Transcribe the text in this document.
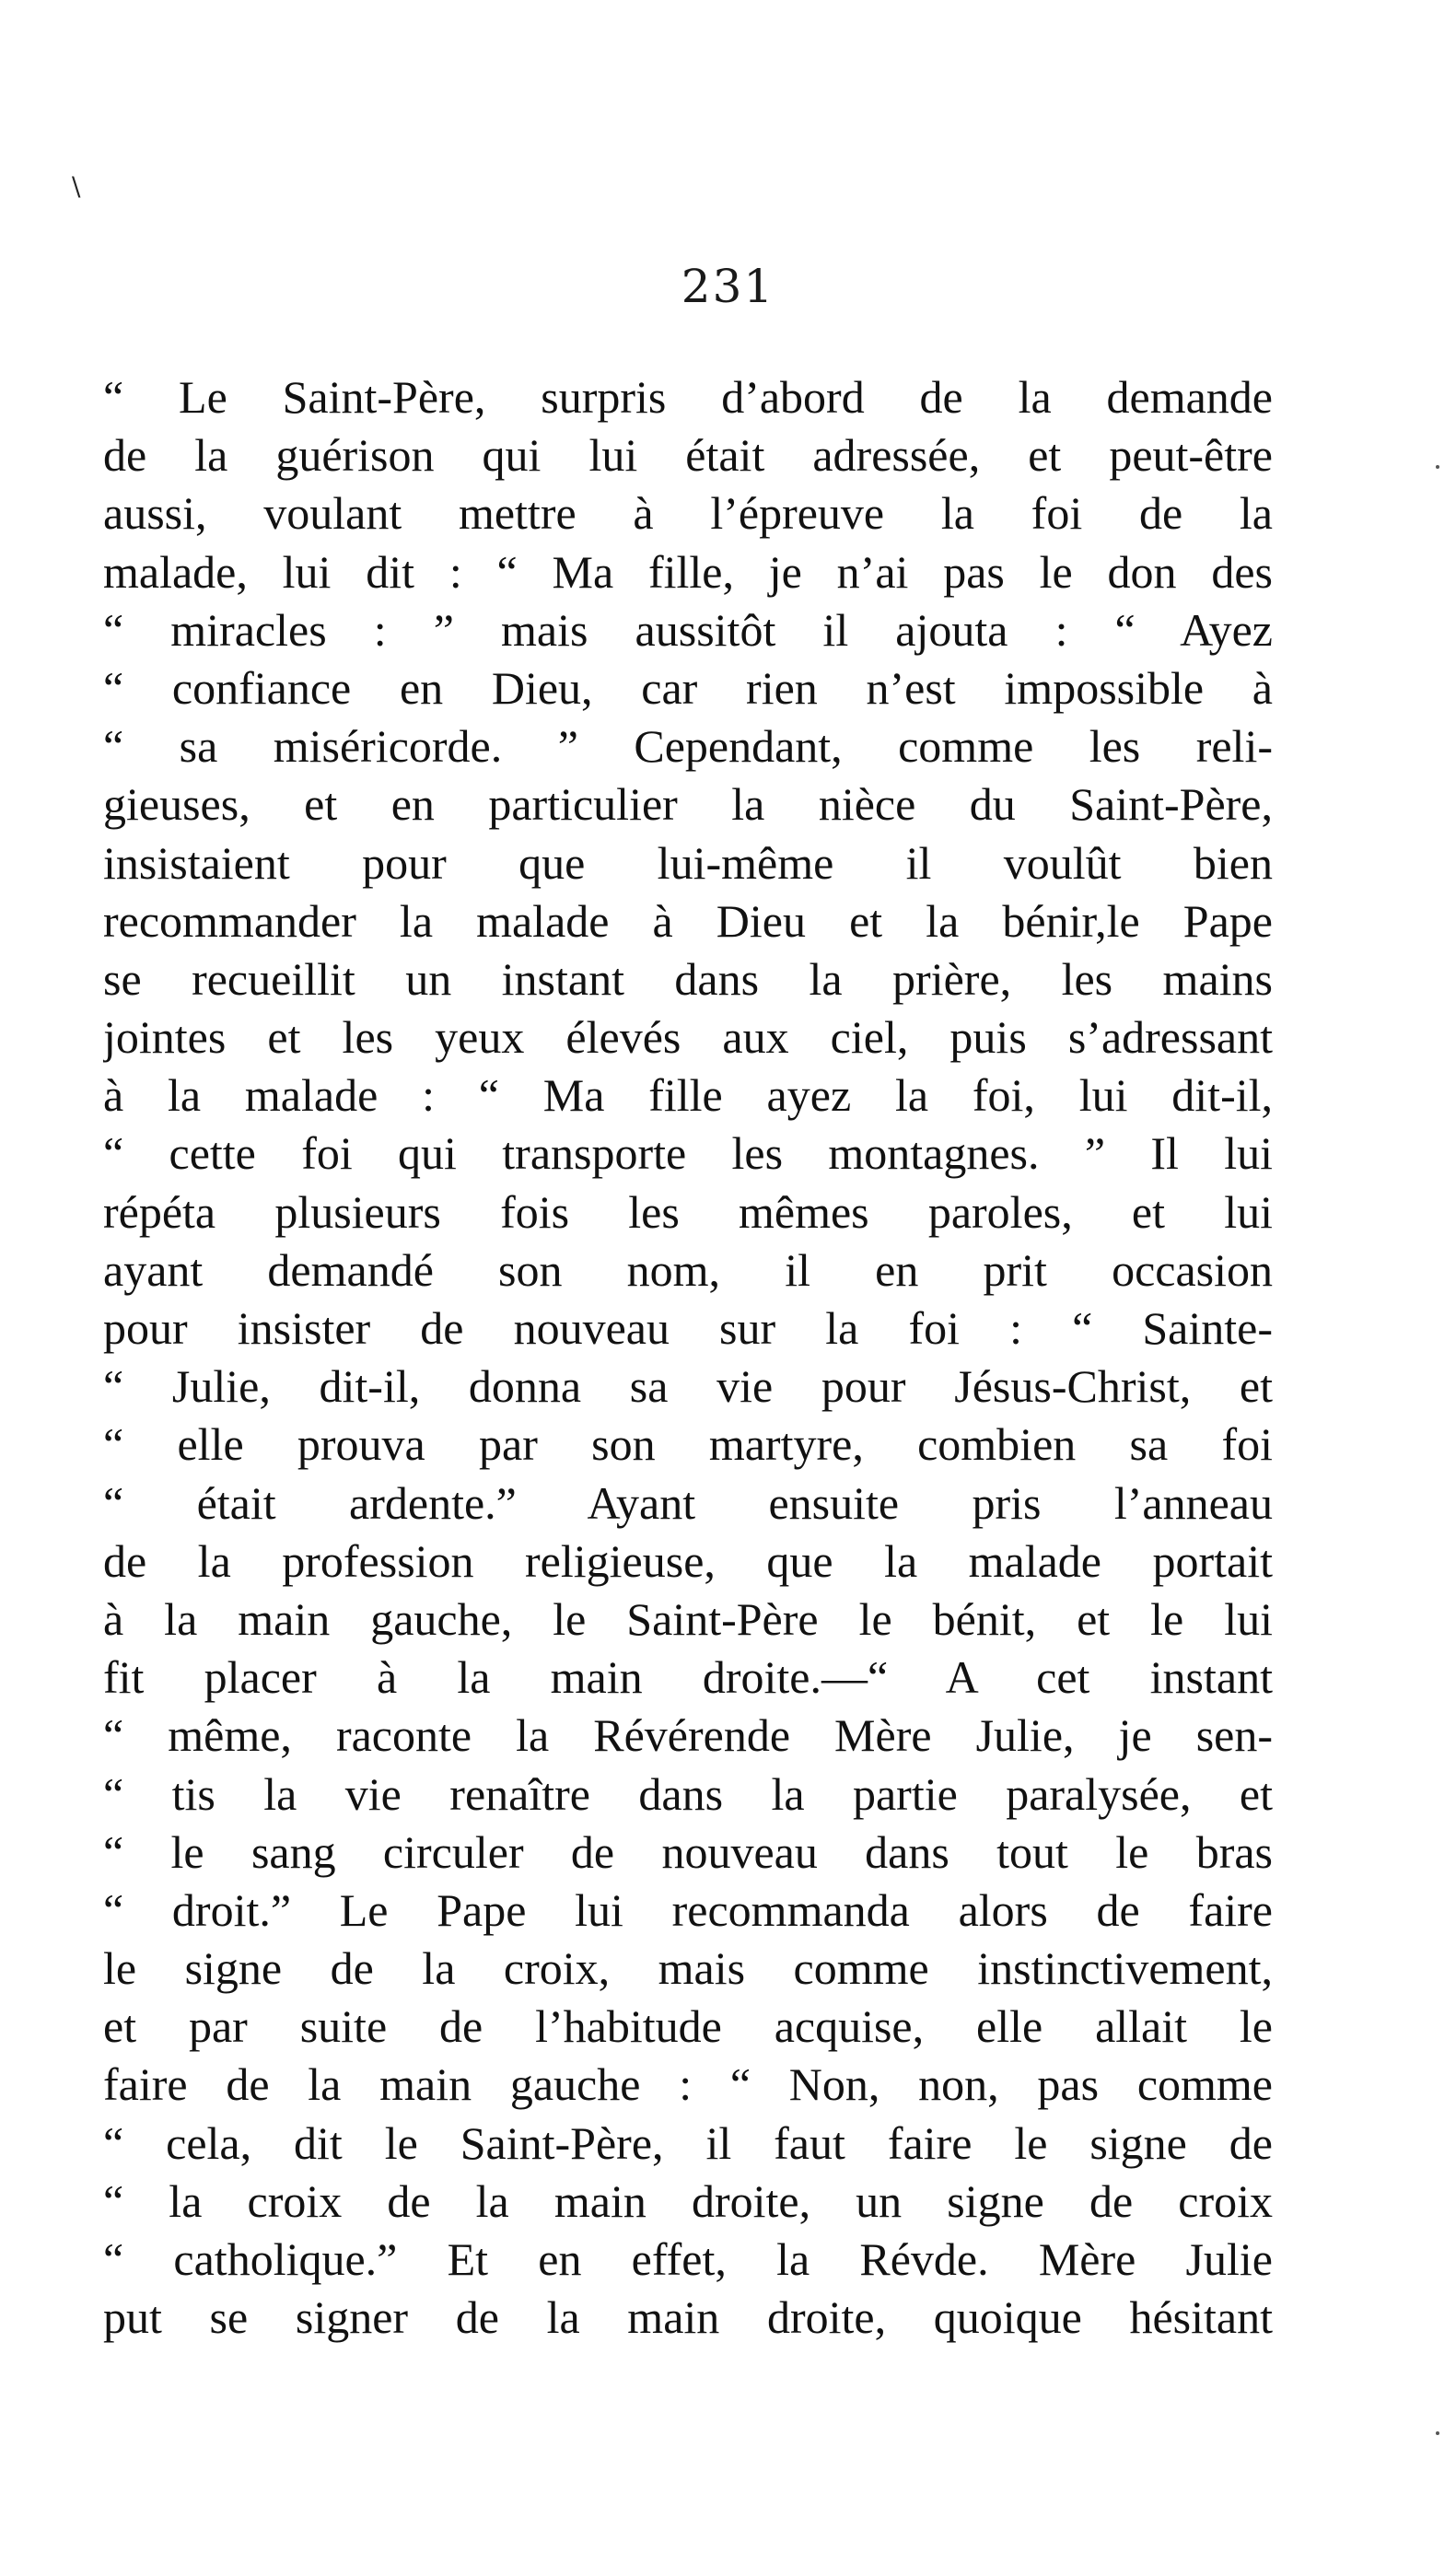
\
231
“ Le Saint-Père, surpris d’abord de la demande
de la guérison qui lui était adressée, et peut-être
aussi, voulant mettre à l’épreuve la foi de la
malade, lui dit : “ Ma fille, je n’ai pas le don des
“ miracles : ” mais aussitôt il ajouta : “ Ayez
“ confiance en Dieu, car rien n’est impossible à
“ sa miséricorde. ” Cependant, comme les reli-
gieuses, et en particulier la nièce du Saint-Père,
insistaient pour que lui-même il voulût bien
recommander la malade à Dieu et la bénir,le Pape
se recueillit un instant dans la prière, les mains
jointes et les yeux élevés aux ciel, puis s’adressant
à la malade : “ Ma fille ayez la foi, lui dit-il,
“ cette foi qui transporte les montagnes. ” Il lui
répéta plusieurs fois les mêmes paroles, et lui
ayant demandé son nom, il en prit occasion
pour insister de nouveau sur la foi : “ Sainte-
“ Julie, dit-il, donna sa vie pour Jésus-Christ, et
“ elle prouva par son martyre, combien sa foi
“ était ardente.” Ayant ensuite pris l’anneau
de la profession religieuse, que la malade portait
à la main gauche, le Saint-Père le bénit, et le lui
fit placer à la main droite.—“ A cet instant
“ même, raconte la Révérende Mère Julie, je sen-
“ tis la vie renaître dans la partie paralysée, et
“ le sang circuler de nouveau dans tout le bras
“ droit.” Le Pape lui recommanda alors de faire
le signe de la croix, mais comme instinctivement,
et par suite de l’habitude acquise, elle allait le
faire de la main gauche : “ Non, non, pas comme
“ cela, dit le Saint-Père, il faut faire le signe de
“ la croix de la main droite, un signe de croix
“ catholique.” Et en effet, la Révde. Mère Julie
put se signer de la main droite, quoique hésitant
